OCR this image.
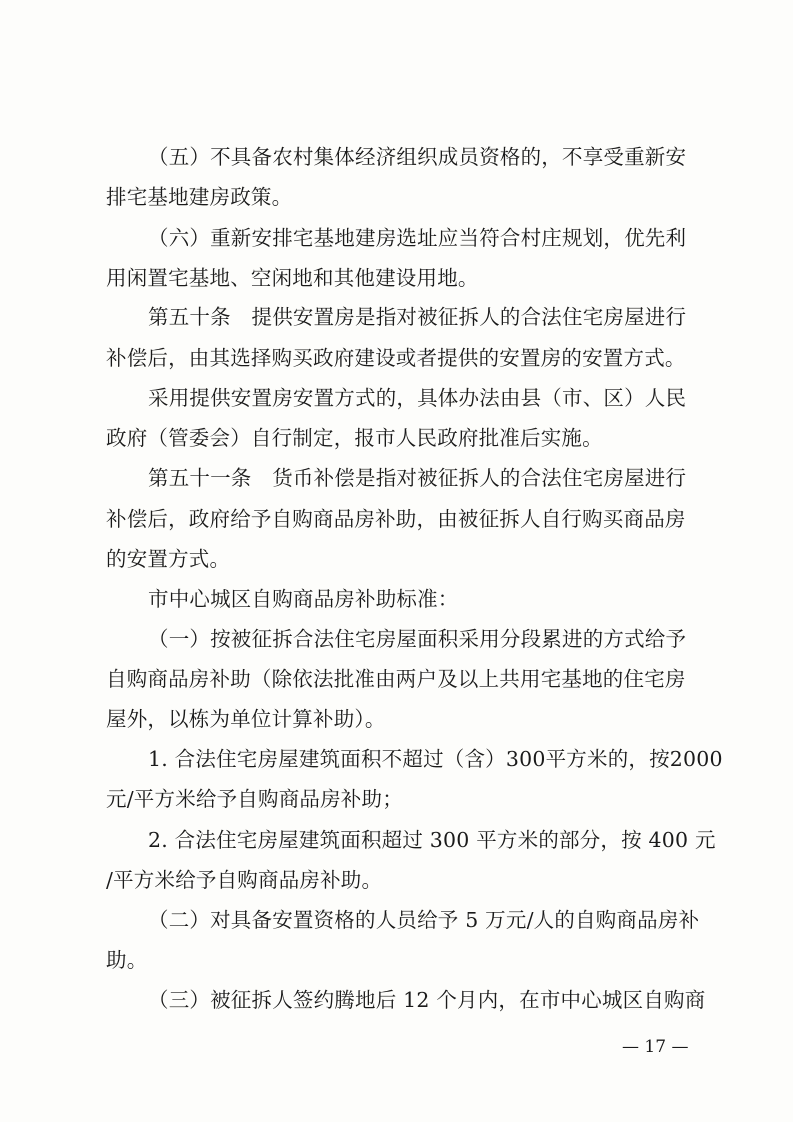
（五）不具备农村集体经济组织成员资格的，不享受重新安
排宅基地建房政策。
（六）重新安排宅基地建房选址应当符合村庄规划，优先利
用闲置宅基地、空闲地和其他建设用地。
第五十条　提供安置房是指对被征拆人的合法住宅房屋进行
补偿后，由其选择购买政府建设或者提供的安置房的安置方式。
采用提供安置房安置方式的，具体办法由县（市、区）人民
政府（管委会）自行制定，报市人民政府批准后实施。
第五十一条　货币补偿是指对被征拆人的合法住宅房屋进行
补偿后，政府给予自购商品房补助，由被征拆人自行购买商品房
的安置方式。
市中心城区自购商品房补助标准：
（一）按被征拆合法住宅房屋面积采用分段累进的方式给予
自购商品房补助（除依法批准由两户及以上共用宅基地的住宅房
屋外，以栋为单位计算补助）。
1. 合法住宅房屋建筑面积不超过（含）300平方米的，按2000
元/平方米给予自购商品房补助；
2. 合法住宅房屋建筑面积超过 300 平方米的部分，按 400 元
/平方米给予自购商品房补助。
（二）对具备安置资格的人员给予 5 万元/人的自购商品房补
助。
（三）被征拆人签约腾地后 12 个月内，在市中心城区自购商
— 17 —
